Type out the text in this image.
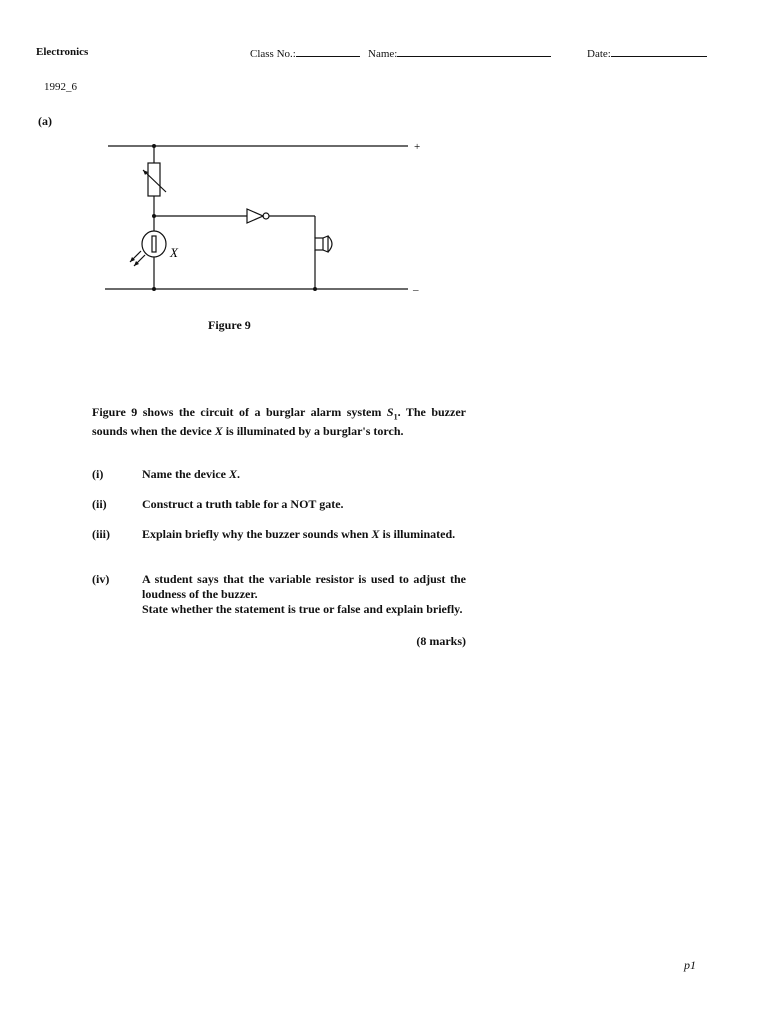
Electronics	Class No.:	Name:	Date:
1992_6
(a)
X
+
–
Figure 9
Figure 9 shows the circuit of a burglar alarm system $S_1$. The buzzer sounds when the device X is illuminated by a burglar's torch.
(i)	Name the device X.
(ii)	Construct a truth table for a NOT gate.
(iii)	Explain briefly why the buzzer sounds when X is illuminated.
(iv)	A student says that the variable resistor is used to adjust the loudness of the buzzer.
State whether the statement is true or false and explain briefly.
(8 marks)
p1
